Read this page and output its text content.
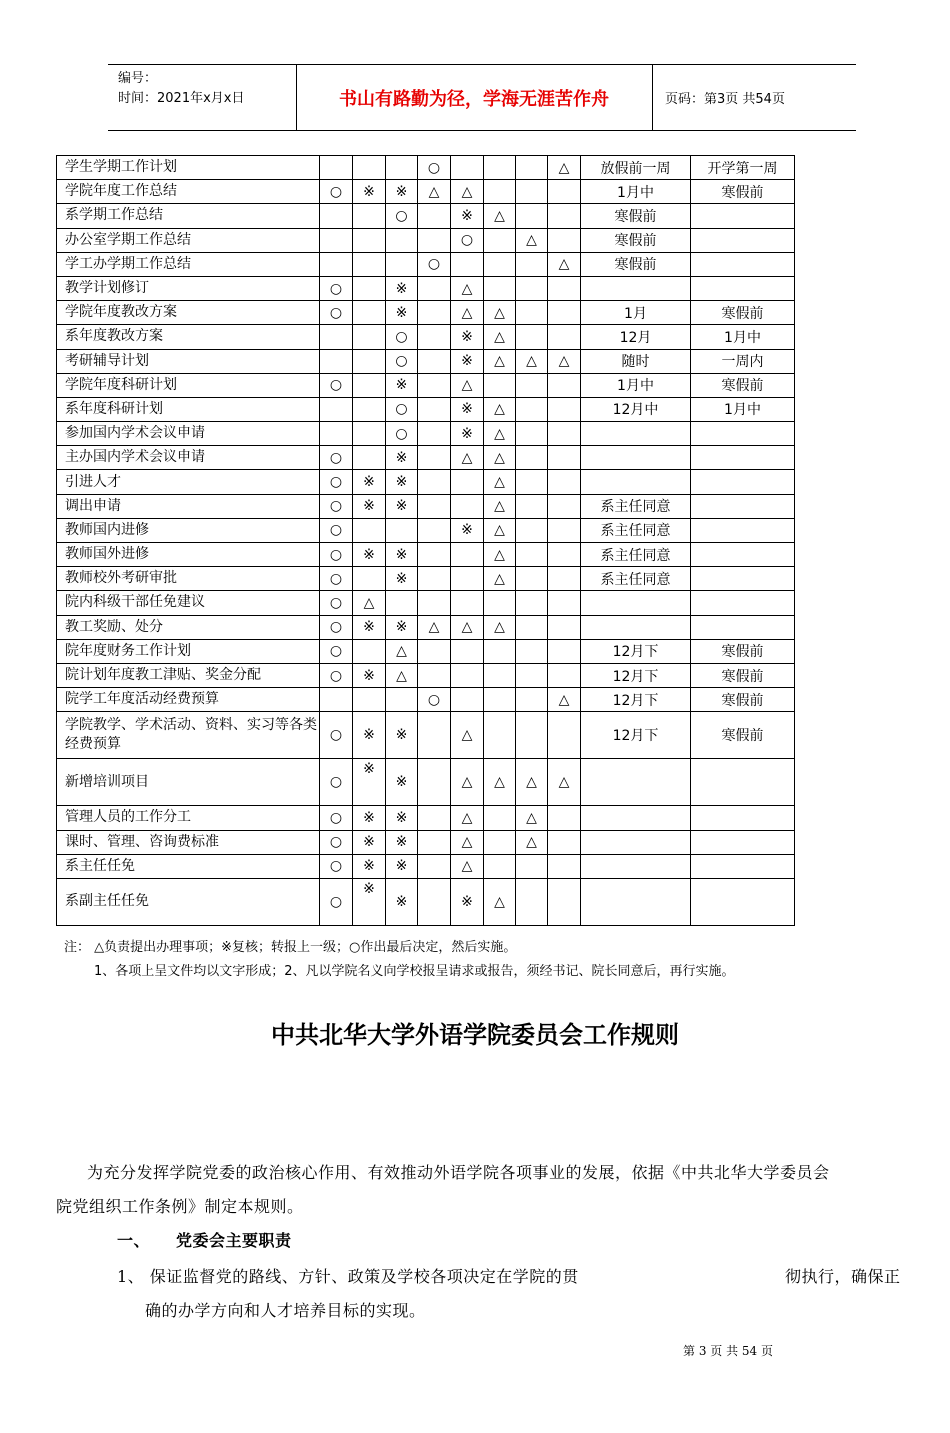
编号：
时间：2021年x月x日	书山有路勤为径，学海无涯苦作舟	页码：第3页 共54页
学生学期工作计划				○				△	放假前一周	开学第一周
学院年度工作总结	○	※	※	△	△				1月中	寒假前
系学期工作总结			○		※	△			寒假前	
办公室学期工作总结					○		△		寒假前	
学工办学期工作总结				○				△	寒假前	
教学计划修订	○		※		△					
学院年度教改方案	○		※		△	△			1月	寒假前
系年度教改方案			○		※	△			12月	1月中
考研辅导计划			○		※	△	△	△	随时	一周内
学院年度科研计划	○		※		△				1月中	寒假前
系年度科研计划			○		※	△			12月中	1月中
参加国内学术会议申请			○		※	△				
主办国内学术会议申请	○		※		△	△				
引进人才	○	※	※			△				
调出申请	○	※	※			△			系主任同意	
教师国内进修	○				※	△			系主任同意	
教师国外进修	○	※	※			△			系主任同意	
教师校外考研审批	○		※			△			系主任同意	
院内科级干部任免建议	○	△								
教工奖励、处分	○	※	※	△	△	△				
院年度财务工作计划	○		△						12月下	寒假前
院计划年度教工津贴、奖金分配	○	※	△						12月下	寒假前
院学工年度活动经费预算				○				△	12月下	寒假前
学院教学、学术活动、资料、实习等各类经费预算	○	※	※		△				12月下	寒假前
新增培训项目	○	※	※		△	△	△	△		
管理人员的工作分工	○	※	※		△		△			
课时、管理、咨询费标准	○	※	※		△		△			
系主任任免	○	※	※		△					
系副主任任免	○	※	※		※	△				
注： △负责提出办理事项；※复核；转报上一级；○作出最后决定，然后实施。
1、各项上呈文件均以文字形成；2、凡以学院名义向学校报呈请求或报告，须经书记、院长同意后，再行实施。
中共北华大学外语学院委员会工作规则
为充分发挥学院党委的政治核心作用、有效推动外语学院各项事业的发展，依据《中共北华大学委员会
院党组织工作条例》制定本规则。
一、 党委会主要职责
1、 保证监督党的路线、方针、政策及学校各项决定在学院的贯	彻执行，确保正
确的办学方向和人才培养目标的实现。
第 3 页 共 54 页
